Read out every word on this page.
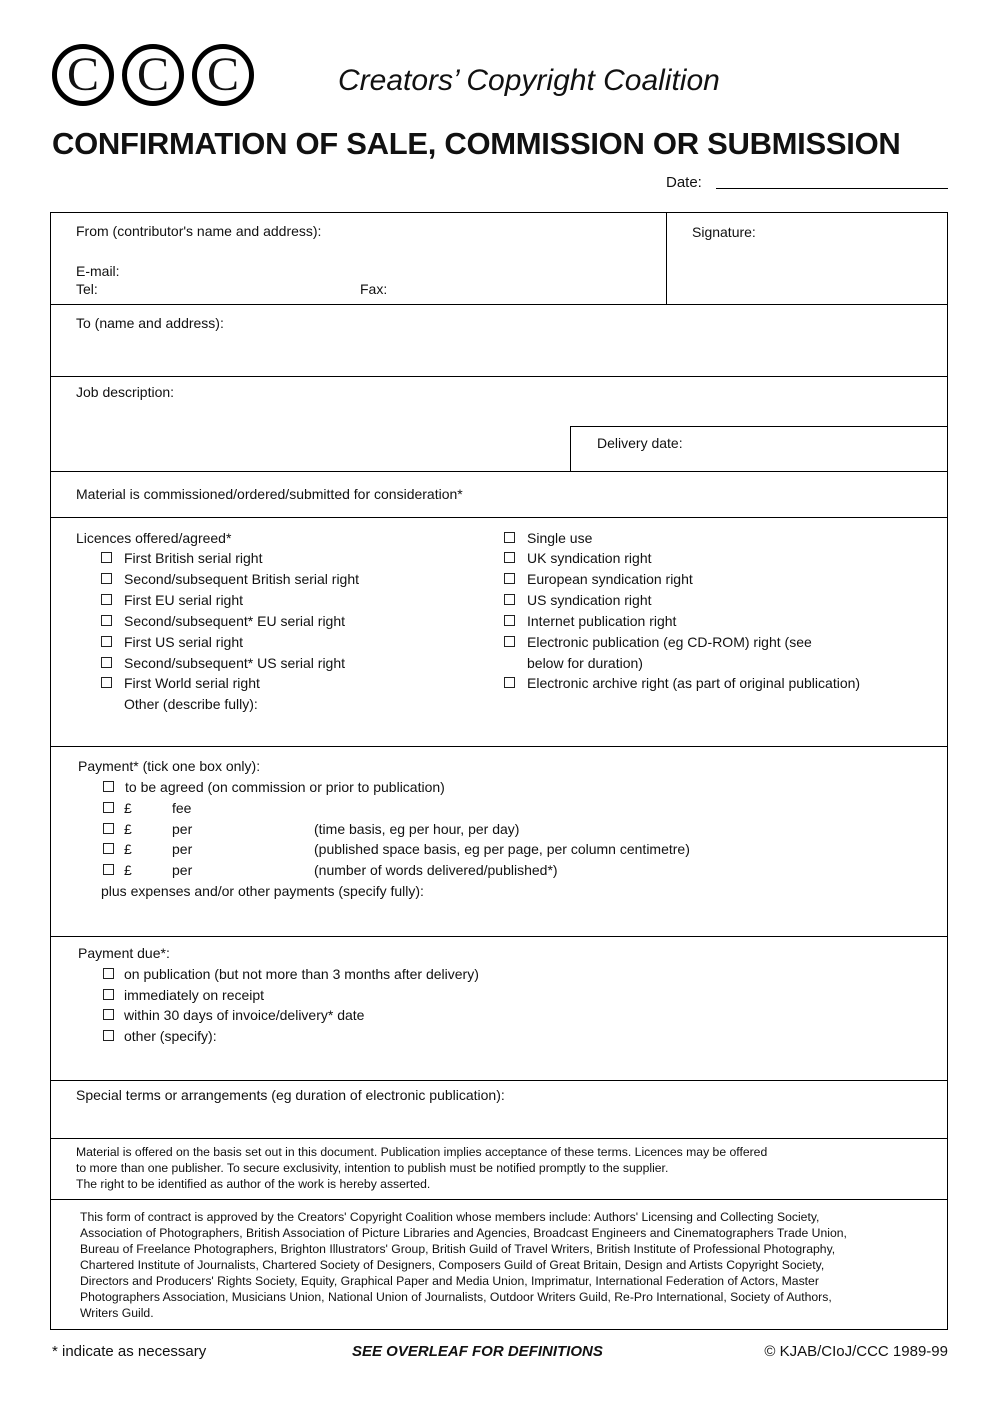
C C C	Creators’ Copyright Coalition
CONFIRMATION OF SALE, COMMISSION OR SUBMISSION
Date:
From (contributor's name and address):
E-mail:
Tel:	Fax:
Signature:
To (name and address):
Job description:
Delivery date:
Material is commissioned/ordered/submitted for consideration*
Licences offered/agreed*
First British serial right
Second/subsequent British serial right
First EU serial right
Second/subsequent* EU serial right
First US serial right
Second/subsequent* US serial right
First World serial right
Other (describe fully):
Single use
UK syndication right
European syndication right
US syndication right
Internet publication right
Electronic publication (eg CD-ROM) right (see
below for duration)
Electronic archive right (as part of original publication)
Payment* (tick one box only):
to be agreed (on commission or prior to publication)
£	fee
£	per	(time basis, eg per hour, per day)
£	per	(published space basis, eg per page, per column centimetre)
£	per	(number of words delivered/published*)
plus expenses and/or other payments (specify fully):
Payment due*:
on publication (but not more than 3 months after delivery)
immediately on receipt
within 30 days of invoice/delivery* date
other (specify):
Special terms or arrangements (eg duration of electronic publication):
Material is offered on the basis set out in this document. Publication implies acceptance of these terms. Licences may be offered
to more than one publisher. To secure exclusivity, intention to publish must be notified promptly to the supplier.
The right to be identified as author of the work is hereby asserted.
This form of contract is approved by the Creators' Copyright Coalition whose members include: Authors' Licensing and Collecting Society,
Association of Photographers, British Association of Picture Libraries and Agencies, Broadcast Engineers and Cinematographers Trade Union,
Bureau of Freelance Photographers, Brighton Illustrators' Group, British Guild of Travel Writers, British Institute of Professional Photography,
Chartered Institute of Journalists, Chartered Society of Designers, Composers Guild of Great Britain, Design and Artists Copyright Society,
Directors and Producers' Rights Society, Equity, Graphical Paper and Media Union, Imprimatur, International Federation of Actors, Master
Photographers Association, Musicians Union, National Union of Journalists, Outdoor Writers Guild, Re-Pro International, Society of Authors,
Writers Guild.
* indicate as necessary	SEE OVERLEAF FOR DEFINITIONS	© KJAB/CIoJ/CCC 1989-99
